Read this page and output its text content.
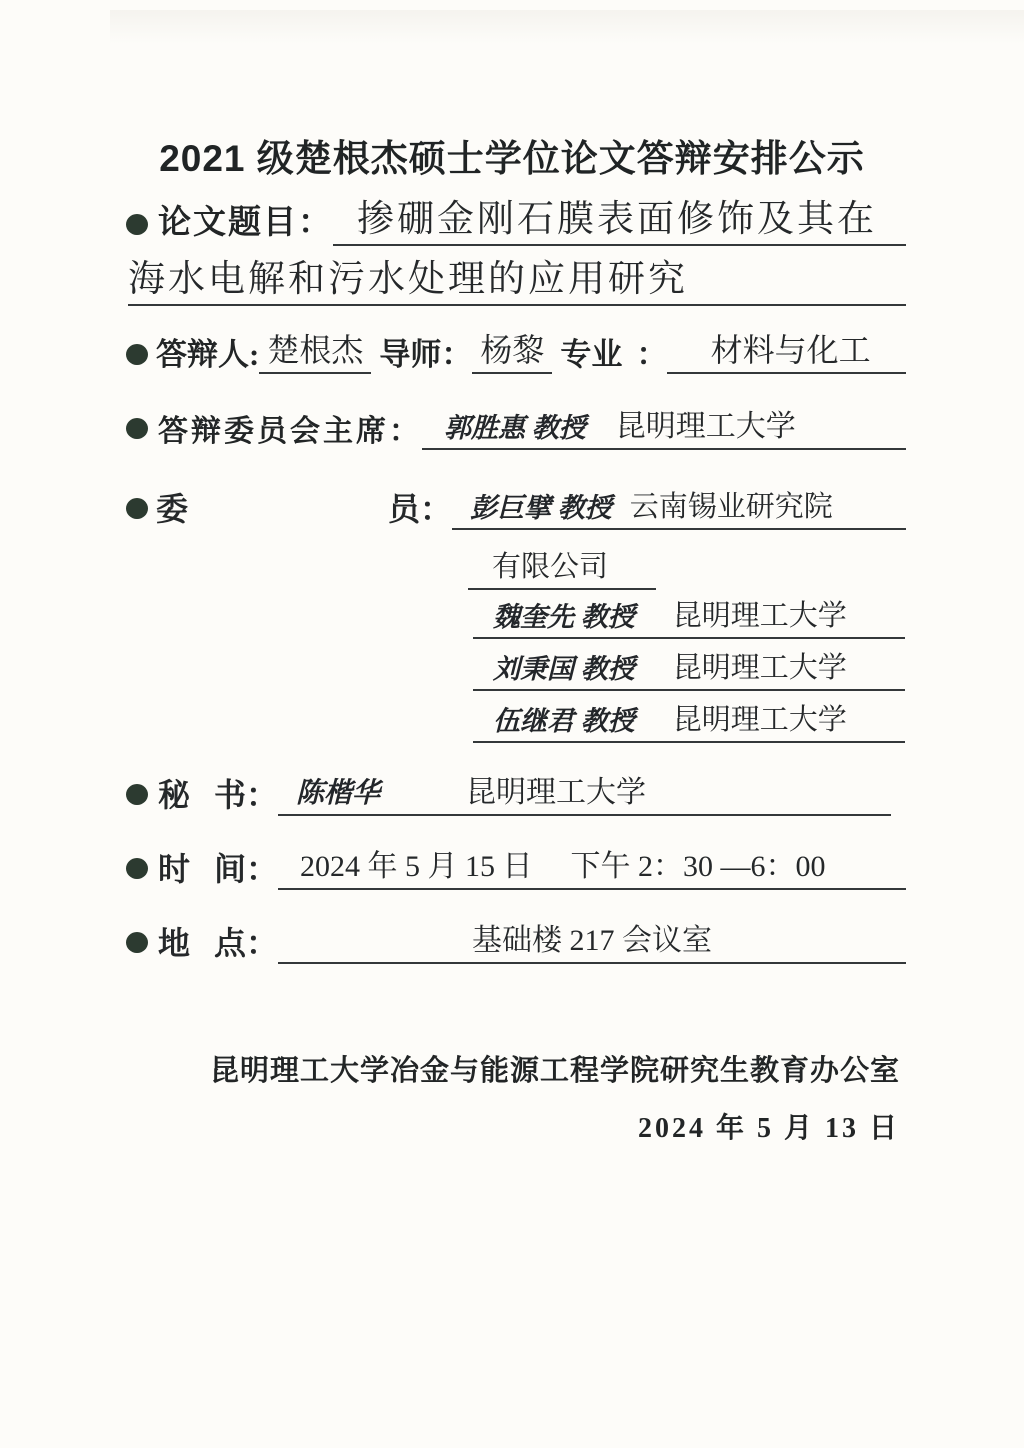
2021 级楚根杰硕士学位论文答辩安排公示
论文题目： 掺硼金刚石膜表面修饰及其在
海水电解和污水处理的应用研究
答辩人: 楚根杰 导师： 杨黎 专业 ：	材料与化工
答辩委员会主席： 郭胜惠 教授 昆明理工大学
委	员： 彭巨擘 教授 云南锡业研究院
有限公司
魏奎先 教授 昆明理工大学
刘秉国 教授 昆明理工大学
伍继君 教授 昆明理工大学
秘 书： 陈楷华	昆明理工大学
时 间： 2024 年 5 月 15 日 下午 2：30 —6：00
地 点：	基础楼 217 会议室
昆明理工大学冶金与能源工程学院研究生教育办公室
2024 年 5 月 13 日
